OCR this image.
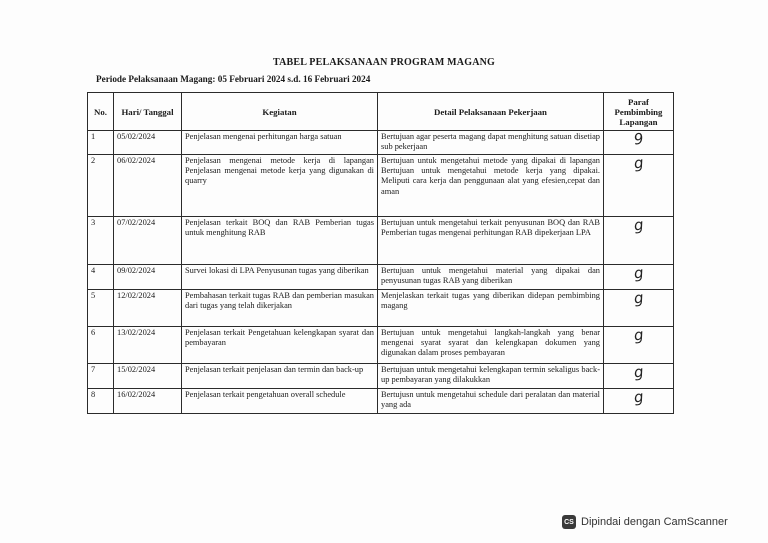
TABEL PELAKSANAAN PROGRAM MAGANG
Periode Pelaksanaan Magang: 05 Februari 2024 s.d. 16 Februari 2024
No.	Hari/ Tanggal	Kegiatan	Detail Pelaksanaan Pekerjaan	Paraf Pembimbing Lapangan
1	05/02/2024	Penjelasan mengenai perhitungan harga satuan	Bertujuan agar peserta magang dapat menghitung satuan disetiap sub pekerjaan	9
2	06/02/2024	Penjelasan mengenai metode kerja di lapangan Penjelasan mengenai metode kerja yang digunakan di quarry	Bertujuan untuk mengetahui metode yang dipakai di lapangan Bertujuan untuk mengetahui metode kerja yang dipakai. Meliputi cara kerja dan penggunaan alat yang efesien,cepat dan aman	g
3	07/02/2024	Penjelasan terkait BOQ dan RAB Pemberian tugas untuk menghitung RAB	Bertujuan untuk mengetahui terkait penyusunan BOQ dan RAB Pemberian tugas mengenai perhitungan RAB dipekerjaan LPA	g
4	09/02/2024	Survei lokasi di LPA Penyusunan tugas yang diberikan	Bertujuan untuk mengetahui material yang dipakai dan penyusunan tugas RAB yang diberikan	g
5	12/02/2024	Pembahasan terkait tugas RAB dan pemberian masukan dari tugas yang telah dikerjakan	Menjelaskan terkait tugas yang diberikan didepan pembimbing magang	g
6	13/02/2024	Penjelasan terkait Pengetahuan kelengkapan syarat dan pembayaran	Bertujuan untuk mengetahui langkah-langkah yang benar mengenai syarat syarat dan kelengkapan dokumen yang digunakan dalam proses pembayaran	g
7	15/02/2024	Penjelasan terkait penjelasan dan termin dan back-up	Bertujuan untuk mengetahui kelengkapan termin sekaligus back-up pembayaran yang dilakukkan	g
8	16/02/2024	Penjelasan terkait pengetahuan overall schedule	Bertujusn untuk mengetahui schedule dari peralatan dan material yang ada	g
CS Dipindai dengan CamScanner
